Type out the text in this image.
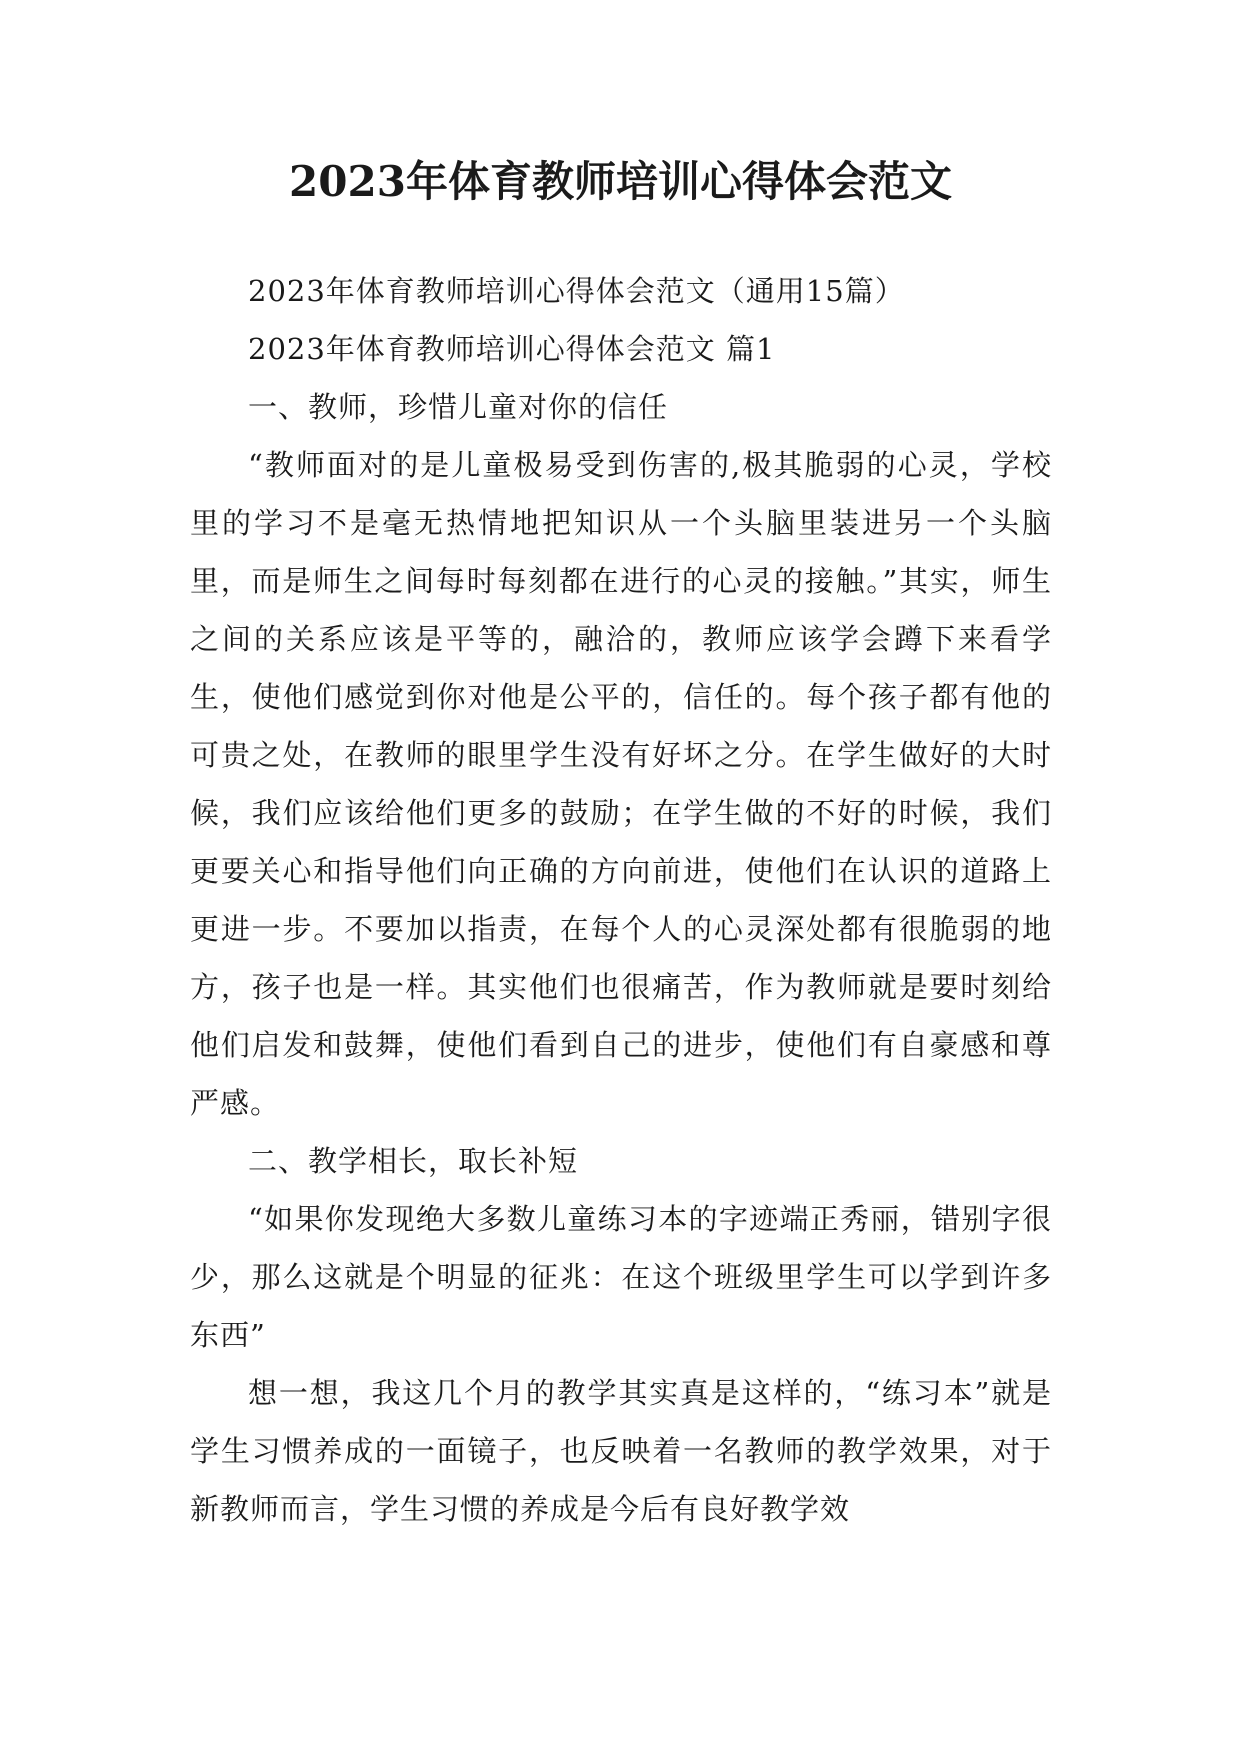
2023年体育教师培训心得体会范文

2023年体育教师培训心得体会范文（通用15篇）

2023年体育教师培训心得体会范文 篇1

一、教师，珍惜儿童对你的信任

“教师面对的是儿童极易受到伤害的,极其脆弱的心灵，学校里的学习不是毫无热情地把知识从一个头脑里装进另一个头脑里，而是师生之间每时每刻都在进行的心灵的接触。”其实，师生之间的关系应该是平等的，融洽的，教师应该学会蹲下来看学生，使他们感觉到你对他是公平的，信任的。每个孩子都有他的可贵之处，在教师的眼里学生没有好坏之分。在学生做好的大时候，我们应该给他们更多的鼓励；在学生做的不好的时候，我们更要关心和指导他们向正确的方向前进，使他们在认识的道路上更进一步。不要加以指责，在每个人的心灵深处都有很脆弱的地方，孩子也是一样。其实他们也很痛苦，作为教师就是要时刻给他们启发和鼓舞，使他们看到自己的进步，使他们有自豪感和尊严感。

二、教学相长，取长补短

“如果你发现绝大多数儿童练习本的字迹端正秀丽，错别字很少，那么这就是个明显的征兆：在这个班级里学生可以学到许多东西”

想一想，我这几个月的教学其实真是这样的，“练习本”就是学生习惯养成的一面镜子，也反映着一名教师的教学效果，对于新教师而言，学生习惯的养成是今后有良好教学效
